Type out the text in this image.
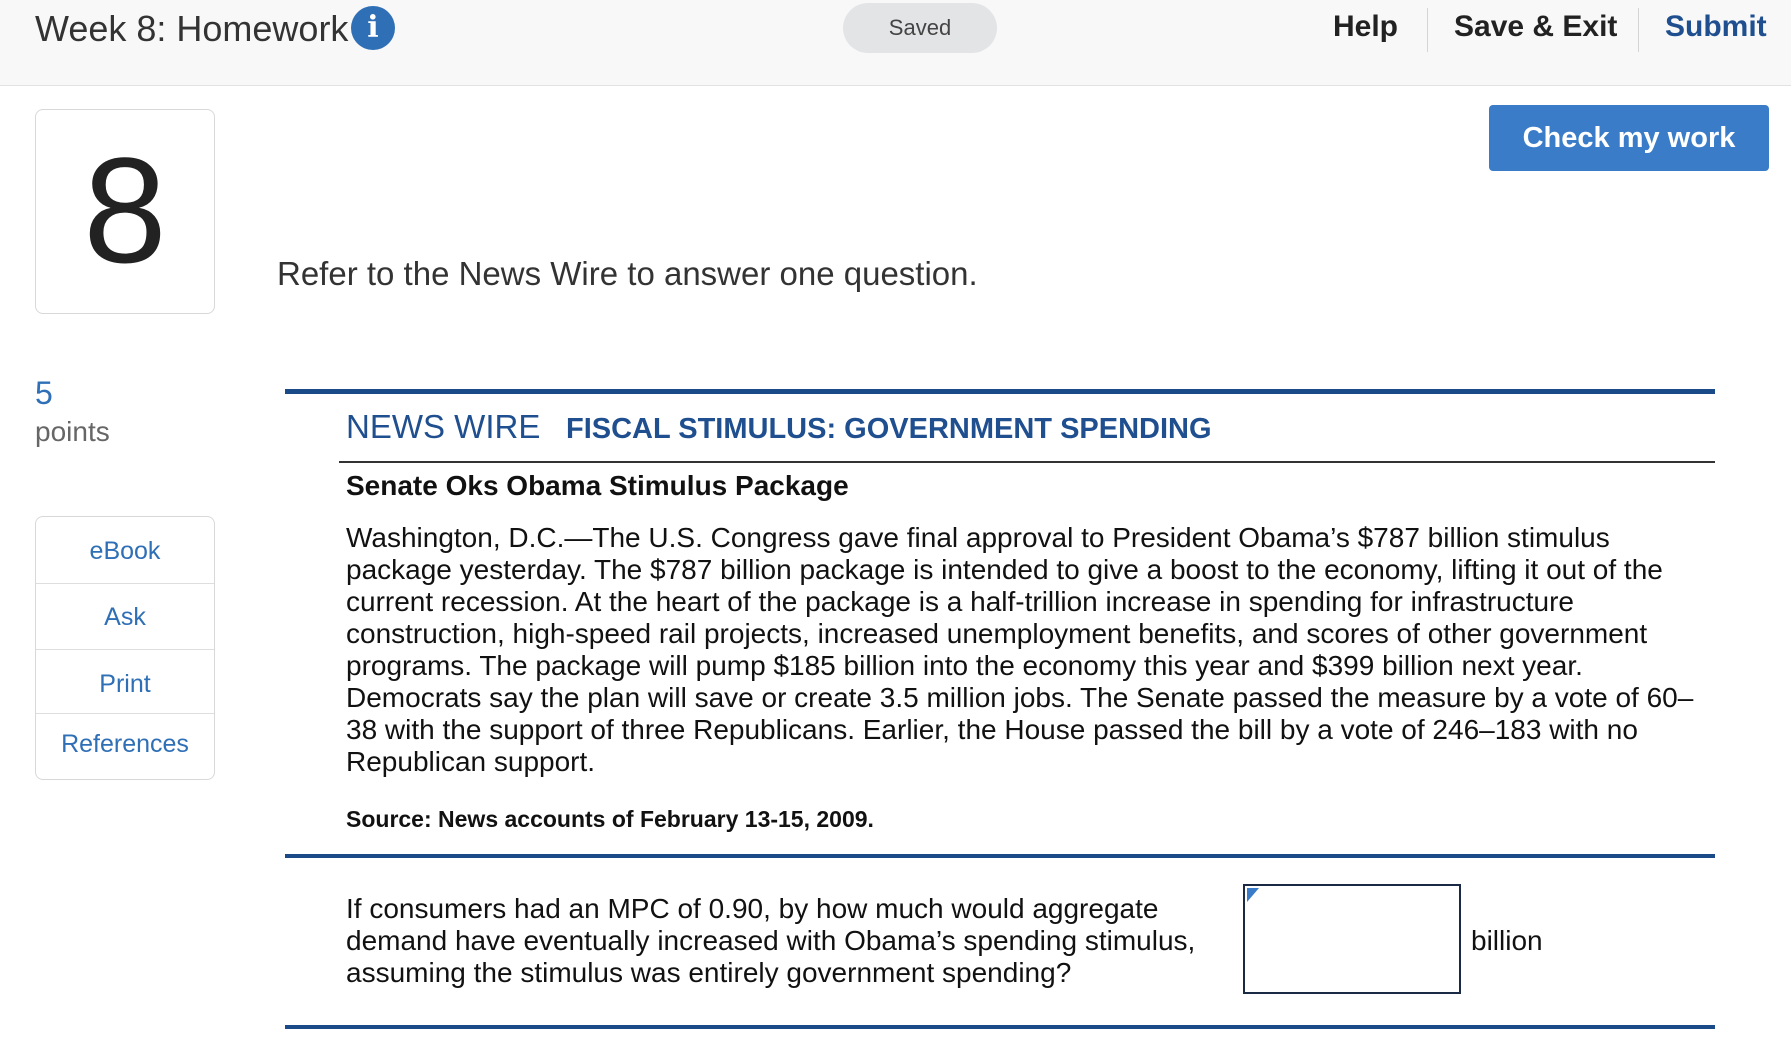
Week 8: Homework i	Saved	Help Save & Exit Submit
8
5
points
eBook
Ask
Print
References
Check my work
Refer to the News Wire to answer one question.
NEWS WIRE FISCAL STIMULUS: GOVERNMENT SPENDING
Senate Oks Obama Stimulus Package
Washington, D.C.—The U.S. Congress gave final approval to President Obama’s $787 billion stimulus package yesterday. The $787 billion package is intended to give a boost to the economy, lifting it out of the current recession. At the heart of the package is a half-trillion increase in spending for infrastructure construction, high-speed rail projects, increased unemployment benefits, and scores of other government programs. The package will pump $185 billion into the economy this year and $399 billion next year. Democrats say the plan will save or create 3.5 million jobs. The Senate passed the measure by a vote of 60–38 with the support of three Republicans. Earlier, the House passed the bill by a vote of 246–183 with no Republican support.
Source: News accounts of February 13-15, 2009.
If consumers had an MPC of 0.90, by how much would aggregate demand have eventually increased with Obama’s spending stimulus, assuming the stimulus was entirely government spending?
billion
